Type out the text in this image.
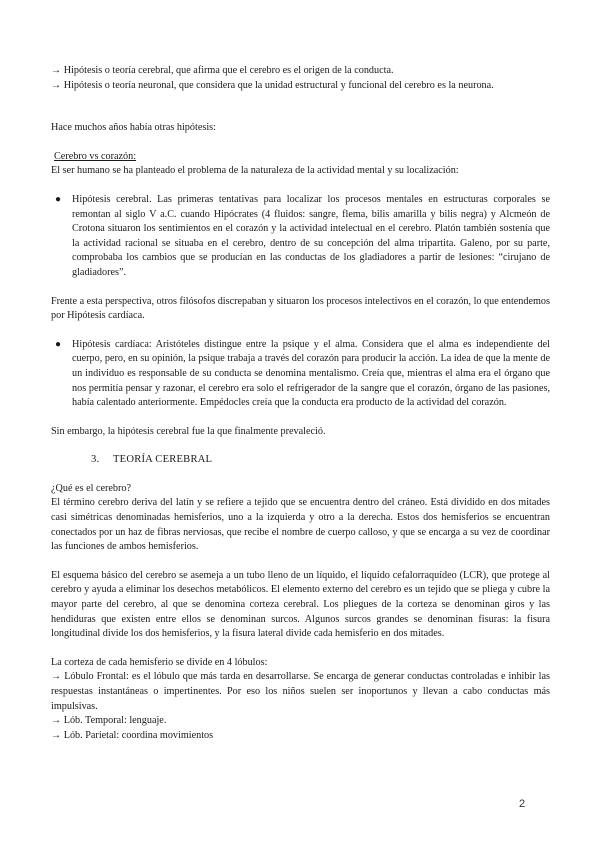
→ Hipótesis o teoría cerebral, que afirma que el cerebro es el origen de la conducta.

→ Hipótesis o teoría neuronal, que considera que la unidad estructural y funcional del cerebro es la neurona.

Hace muchos años había otras hipótesis:

Cerebro vs corazón:

El ser humano se ha planteado el problema de la naturaleza de la actividad mental y su localización:

● Hipótesis cerebral. Las primeras tentativas para localizar los procesos mentales en estructuras corporales se remontan al siglo V a.C. cuando Hipócrates (4 fluidos: sangre, flema, bilis amarilla y bilis negra) y Alcmeón de Crotona situaron los sentimientos en el corazón y la actividad intelectual en el cerebro. Platón también sostenía que la actividad racional se situaba en el cerebro, dentro de su concepción del alma tripartita. Galeno, por su parte, comprobaba los cambios que se producían en las conductas de los gladiadores a partir de lesiones: “cirujano de gladiadores”.

Frente a esta perspectiva, otros filósofos discrepaban y situaron los procesos intelectivos en el corazón, lo que entendemos por Hipótesis cardíaca.

● Hipótesis cardíaca: Aristóteles distingue entre la psique y el alma. Considera que el alma es independiente del cuerpo, pero, en su opinión, la psique trabaja a través del corazón para producir la acción. La idea de que la mente de un individuo es responsable de su conducta se denomina mentalismo. Creía que, mientras el alma era el órgano que nos permitía pensar y razonar, el cerebro era solo el refrigerador de la sangre que el corazón, órgano de las pasiones, había calentado anteriormente. Empédocles creía que la conducta era producto de la actividad del corazón.

Sin embargo, la hipótesis cerebral fue la que finalmente prevaleció.

3. TEORÍA CEREBRAL

¿Qué es el cerebro?

El término cerebro deriva del latín y se refiere a tejido que se encuentra dentro del cráneo. Está dividido en dos mitades casi simétricas denominadas hemisferios, uno a la izquierda y otro a la derecha. Estos dos hemisferios se encuentran conectados por un haz de fibras nerviosas, que recibe el nombre de cuerpo calloso, y que se encarga a su vez de coordinar las funciones de ambos hemisferios.

El esquema básico del cerebro se asemeja a un tubo lleno de un líquido, el líquido cefalorraquídeo (LCR), que protege al cerebro y ayuda a eliminar los desechos metabólicos. El elemento externo del cerebro es un tejido que se pliega y cubre la mayor parte del cerebro, al que se denomina corteza cerebral. Los pliegues de la corteza se denominan giros y las hendiduras que existen entre ellos se denominan surcos. Algunos surcos grandes se denominan fisuras: la fisura longitudinal divide los dos hemisferios, y la fisura lateral divide cada hemisferio en dos mitades.

La corteza de cada hemisferio se divide en 4 lóbulos:

→ Lóbulo Frontal: es el lóbulo que más tarda en desarrollarse. Se encarga de generar conductas controladas e inhibir las respuestas instantáneas o impertinentes. Por eso los niños suelen ser inoportunos y llevan a cabo conductas más impulsivas.

→ Lób. Temporal: lenguaje.

→ Lób. Parietal: coordina movimientos

2
